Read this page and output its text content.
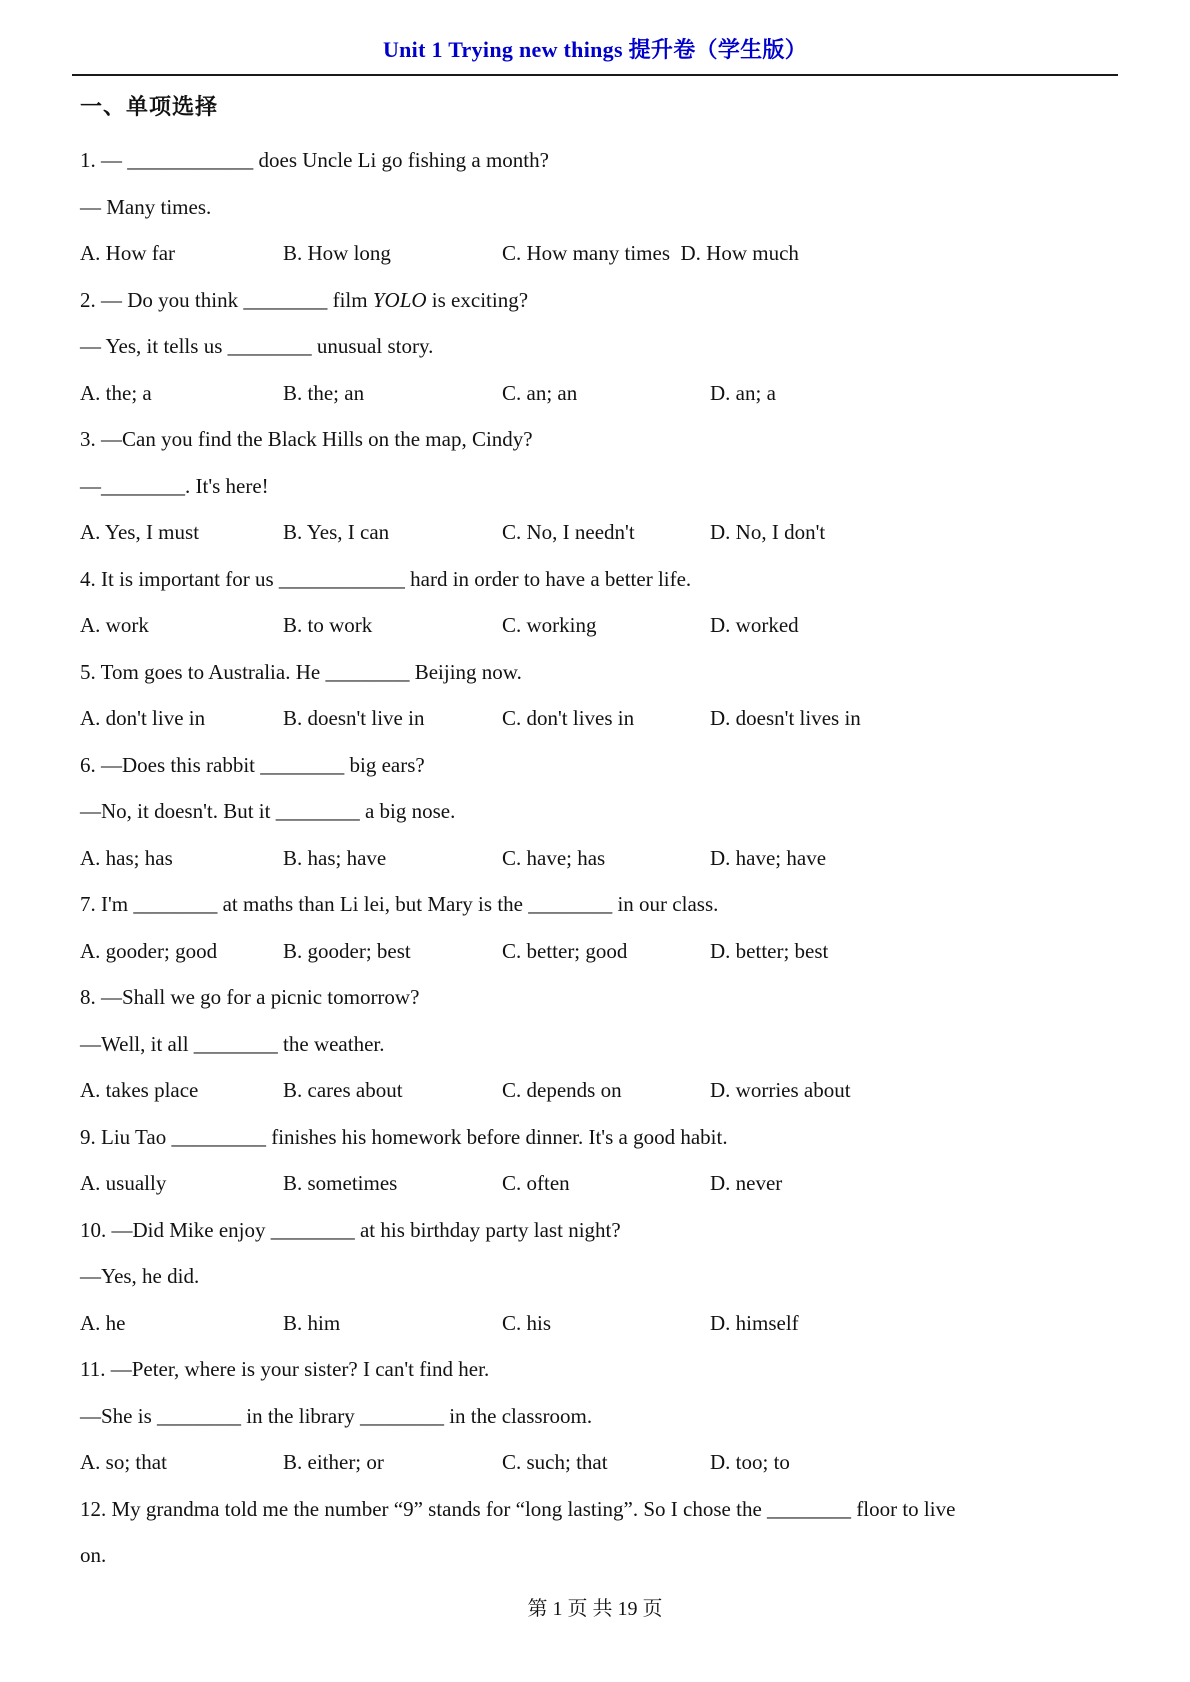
Unit 1 Trying new things 提升卷（学生版）
一、单项选择
1. — ____________ does Uncle Li go fishing a month?
— Many times.
A. How far	B. How long	C. How many times D. How much
2. — Do you think ________ film YOLO is exciting?
— Yes, it tells us ________ unusual story.
A. the; a	B. the; an	C. an; an	D. an; a
3. —Can you find the Black Hills on the map, Cindy?
—________. It's here!
A. Yes, I must	B. Yes, I can	C. No, I needn't	D. No, I don't
4. It is important for us ____________ hard in order to have a better life.
A. work	B. to work	C. working	D. worked
5. Tom goes to Australia. He ________ Beijing now.
A. don't live in	B. doesn't live in	C. don't lives in	D. doesn't lives in
6. —Does this rabbit ________ big ears?
—No, it doesn't. But it ________ a big nose.
A. has; has	B. has; have	C. have; has	D. have; have
7. I'm ________ at maths than Li lei, but Mary is the ________ in our class.
A. gooder; good	B. gooder; best	C. better; good	D. better; best
8. —Shall we go for a picnic tomorrow?
—Well, it all ________ the weather.
A. takes place	B. cares about	C. depends on	D. worries about
9. Liu Tao _________ finishes his homework before dinner. It's a good habit.
A. usually	B. sometimes	C. often	D. never
10. —Did Mike enjoy ________ at his birthday party last night?
—Yes, he did.
A. he	B. him	C. his	D. himself
11. —Peter, where is your sister? I can't find her.
—She is ________ in the library ________ in the classroom.
A. so; that	B. either; or	C. such; that	D. too; to
12. My grandma told me the number “9” stands for “long lasting”. So I chose the ________ floor to live
on.
第 1 页 共 19 页
